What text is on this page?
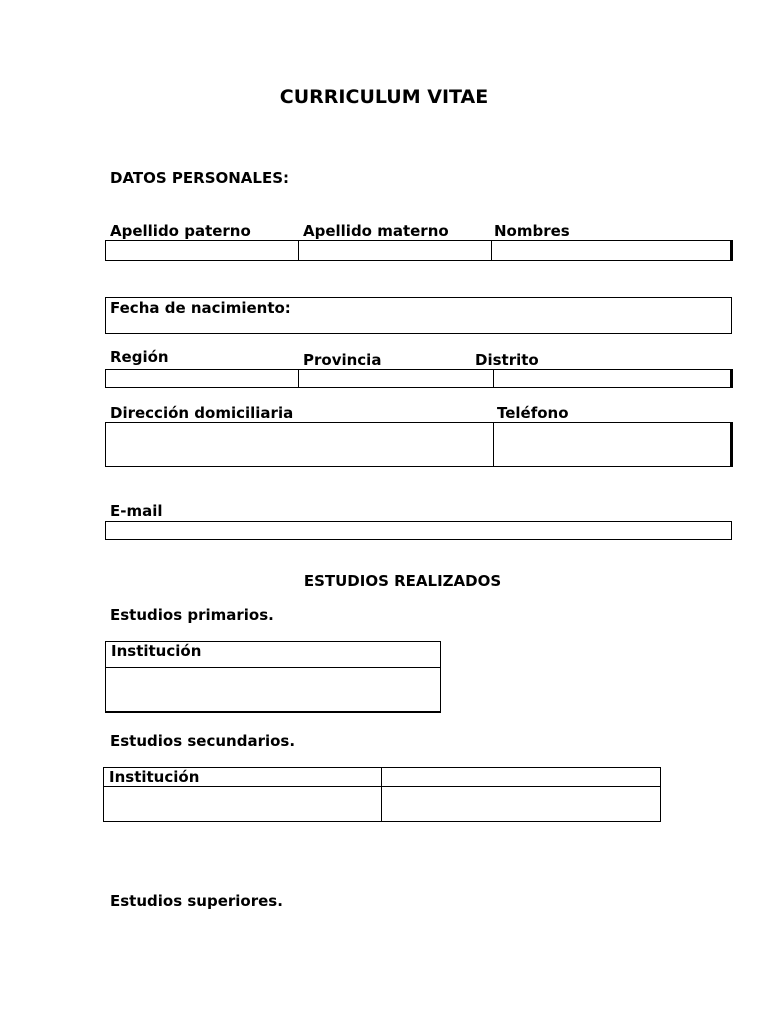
CURRICULUM VITAE
DATOS PERSONALES:
Apellido paterno	Apellido materno	Nombres
Fecha de nacimiento:
Región	Provincia	Distrito
Dirección domiciliaria	Teléfono
E-mail
ESTUDIOS REALIZADOS
Estudios primarios.
Institución

Estudios secundarios.
Institución	

Estudios superiores.
